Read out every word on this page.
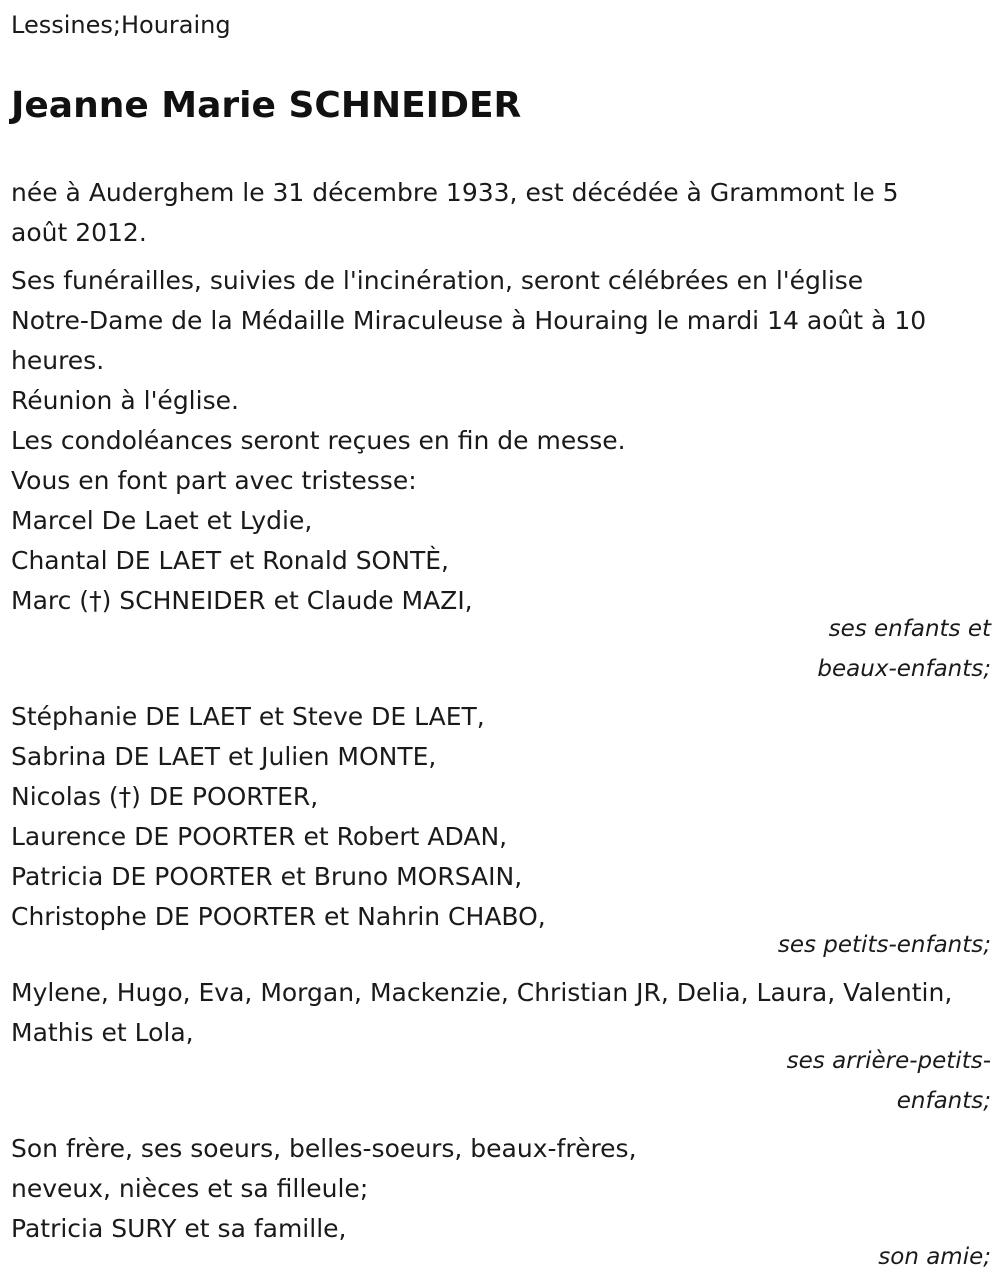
Lessines;Houraing
Jeanne Marie SCHNEIDER

née à Auderghem le 31 décembre 1933, est décédée à Grammont le 5
août 2012.

Ses funérailles, suivies de l'incinération, seront célébrées en l'église
Notre-Dame de la Médaille Miraculeuse à Houraing le mardi 14 août à 10
heures.
Réunion à l'église.
Les condoléances seront reçues en fin de messe.
Vous en font part avec tristesse:

Marcel De Laet et Lydie,
Chantal DE LAET et Ronald SONTÈ,
Marc (†) SCHNEIDER et Claude MAZI,
ses enfants et
beaux-enfants;
Stéphanie DE LAET et Steve DE LAET,
Sabrina DE LAET et Julien MONTE,
Nicolas (†) DE POORTER,
Laurence DE POORTER et Robert ADAN,
Patricia DE POORTER et Bruno MORSAIN,
Christophe DE POORTER et Nahrin CHABO,
ses petits-enfants;
Mylene, Hugo, Eva, Morgan, Mackenzie, Christian JR, Delia, Laura, Valentin,
Mathis et Lola,
ses arrière-petits-
enfants;
Son frère, ses soeurs, belles-soeurs, beaux-frères,
neveux, nièces et sa filleule;
Patricia SURY et sa famille,
son amie;
